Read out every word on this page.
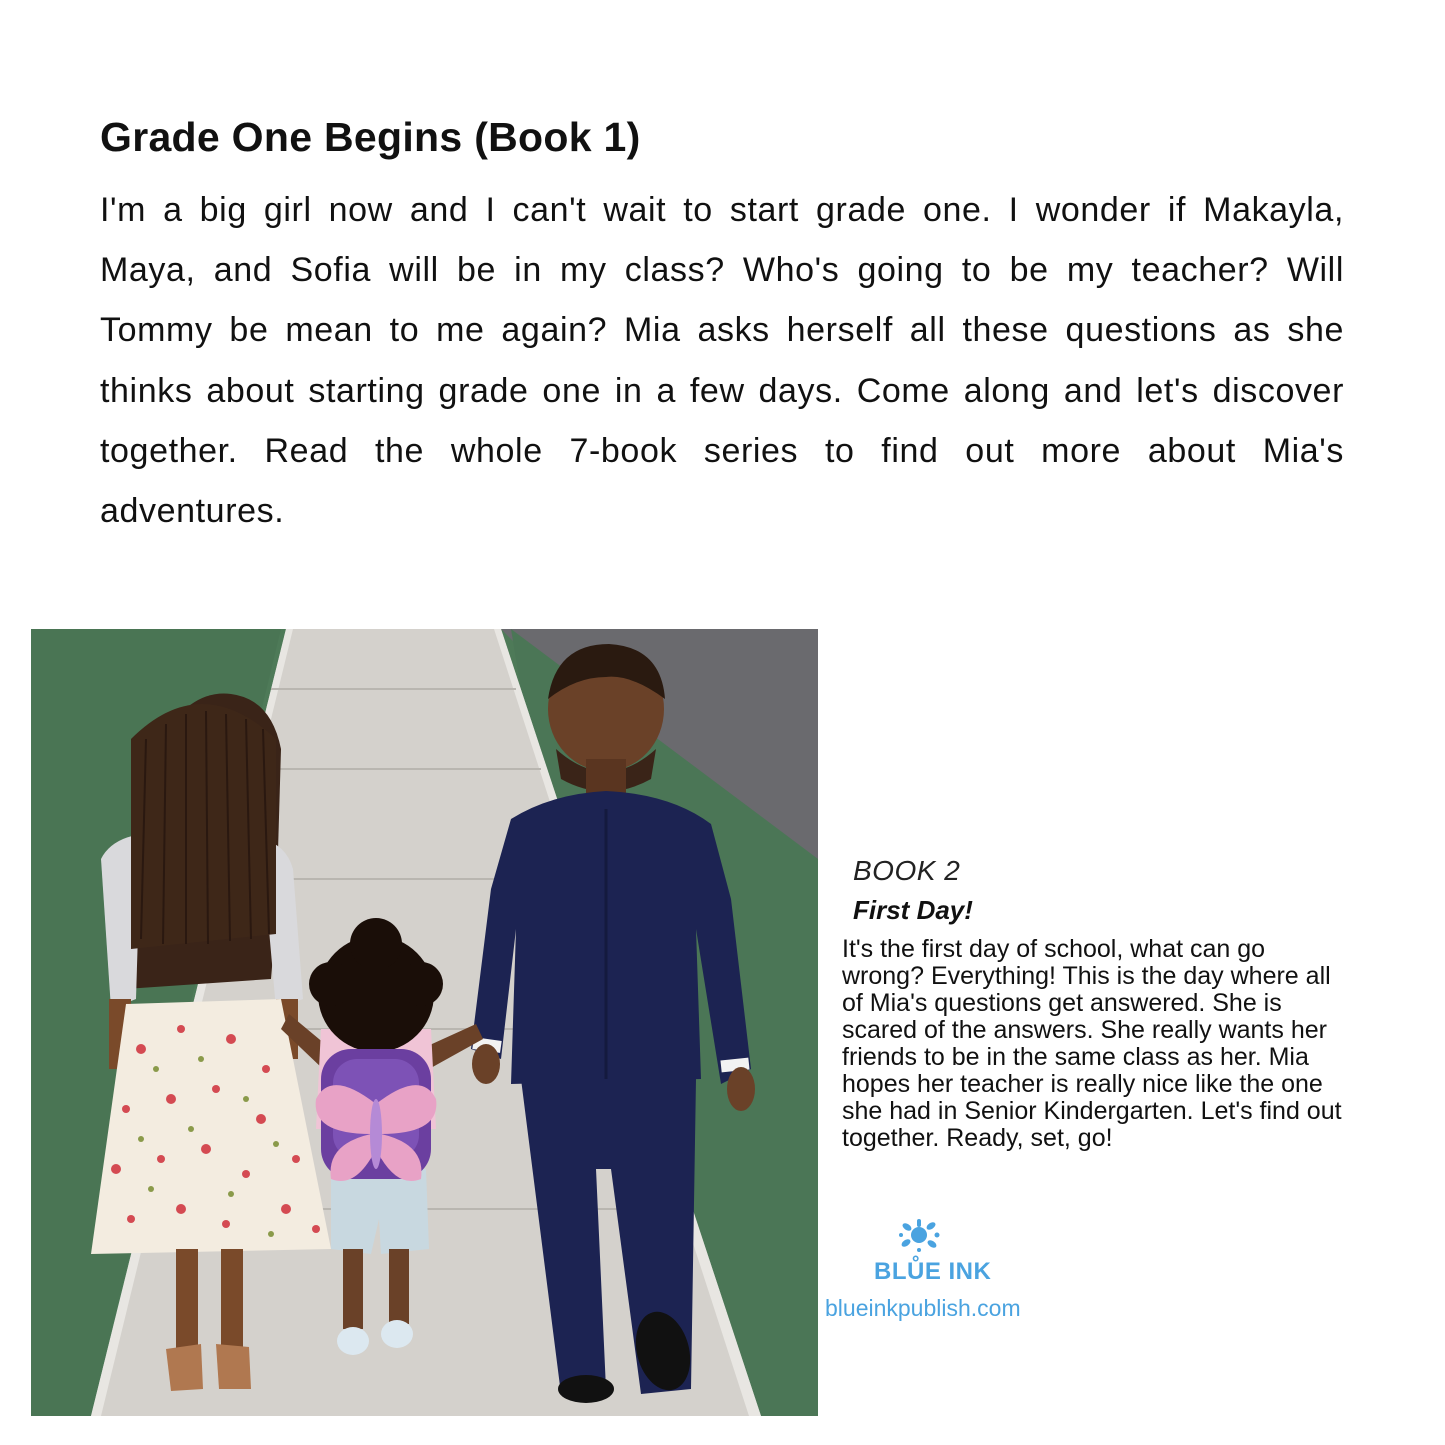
Grade One Begins (Book 1)

I'm a big girl now and I can't wait to start grade one. I wonder if Makayla, Maya, and Sofia will be in my class? Who's going to be my teacher? Will Tommy be mean to me again? Mia asks herself all these questions as she thinks about starting grade one in a few days. Come along and let's discover together. Read the whole 7-book series to find out more about Mia's adventures.

BOOK 2
First Day!

It's the first day of school, what can go wrong? Everything! This is the day where all of Mia's questions get answered. She is scared of the answers. She really wants her friends to be in the same class as her. Mia hopes her teacher is really nice like the one she had in Senior Kindergarten. Let's find out together. Ready, set, go!

BLŮE INK
blueinkpublish.com
